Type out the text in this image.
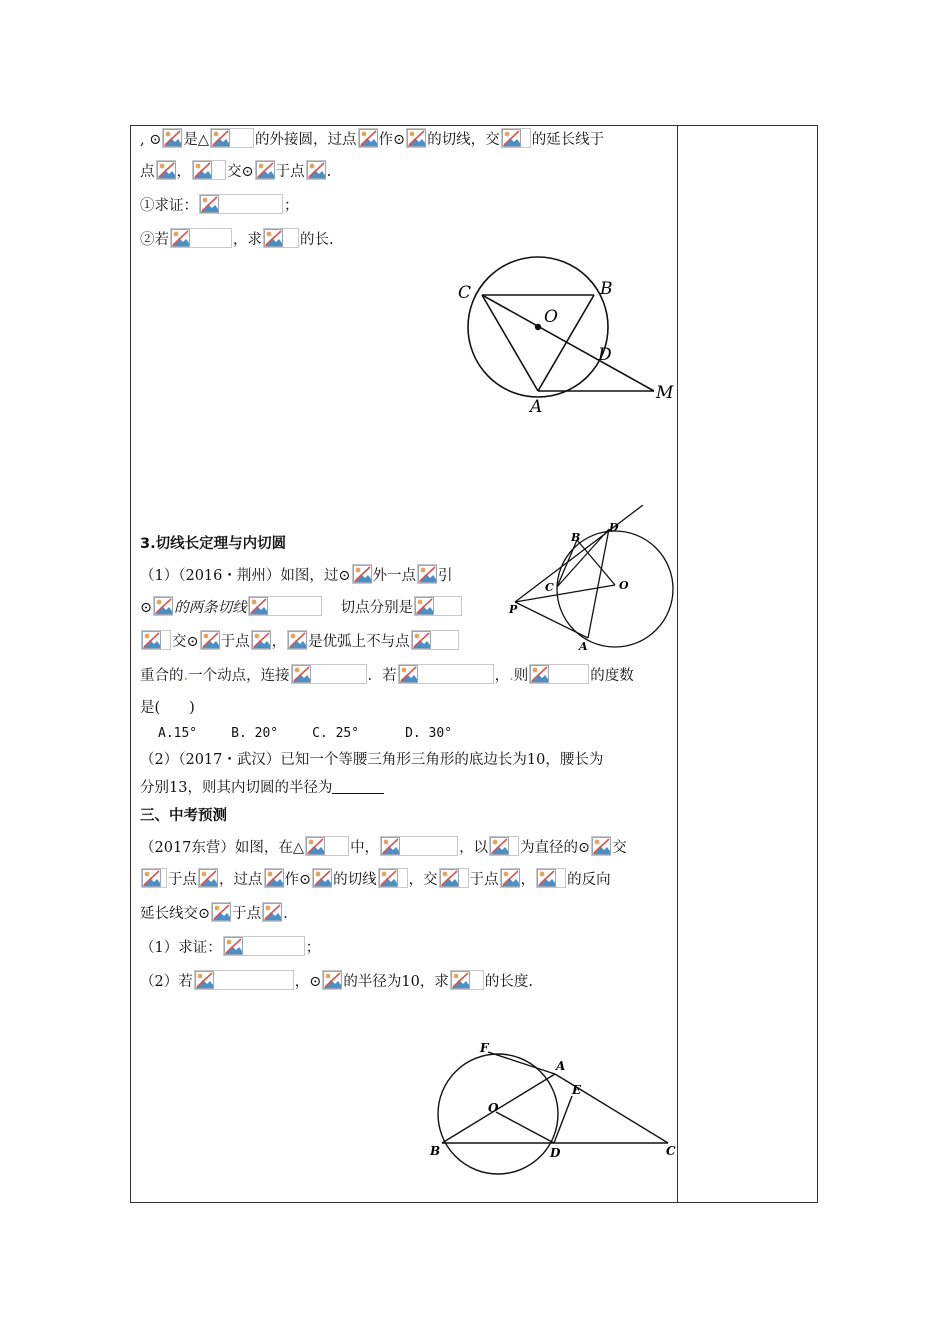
, ⊙ 是△	的外接圆，过点 作⊙ 的切线，交 的延长线于
点 ， 交⊙ 于点 .
①求证：	；
②若	，求	的长.
3.切线长定理与内切圆
（1）（2016・荆州）如图，过⊙ 外一点 引
⊙ 的两条切线	切点分别是
交⊙ 于点 ， 是优弧上不与点
重合的.一个动点，连接	．若	，.则	的度数
是(　　)
A.15°	B. 20°	C. 25°	D. 30°
（2）（2017・武汉）已知一个等腰三角形三角形的底边长为10，腰长为
分别13，则其内切圆的半径为
三、中考预测
（2017东营）如图，在△	中，	，以 为直径的⊙ 交
于点 ，过点 作⊙ 的切线 ，交 于点 ， 的反向
延长线交⊙ 于点 .
（1）求证：	；
（2）若	，⊙ 的半径为10，求 的长度.
C	B
O
D
A
M
B
D
C	O
P
A
F
A
E
O
B	D	C
